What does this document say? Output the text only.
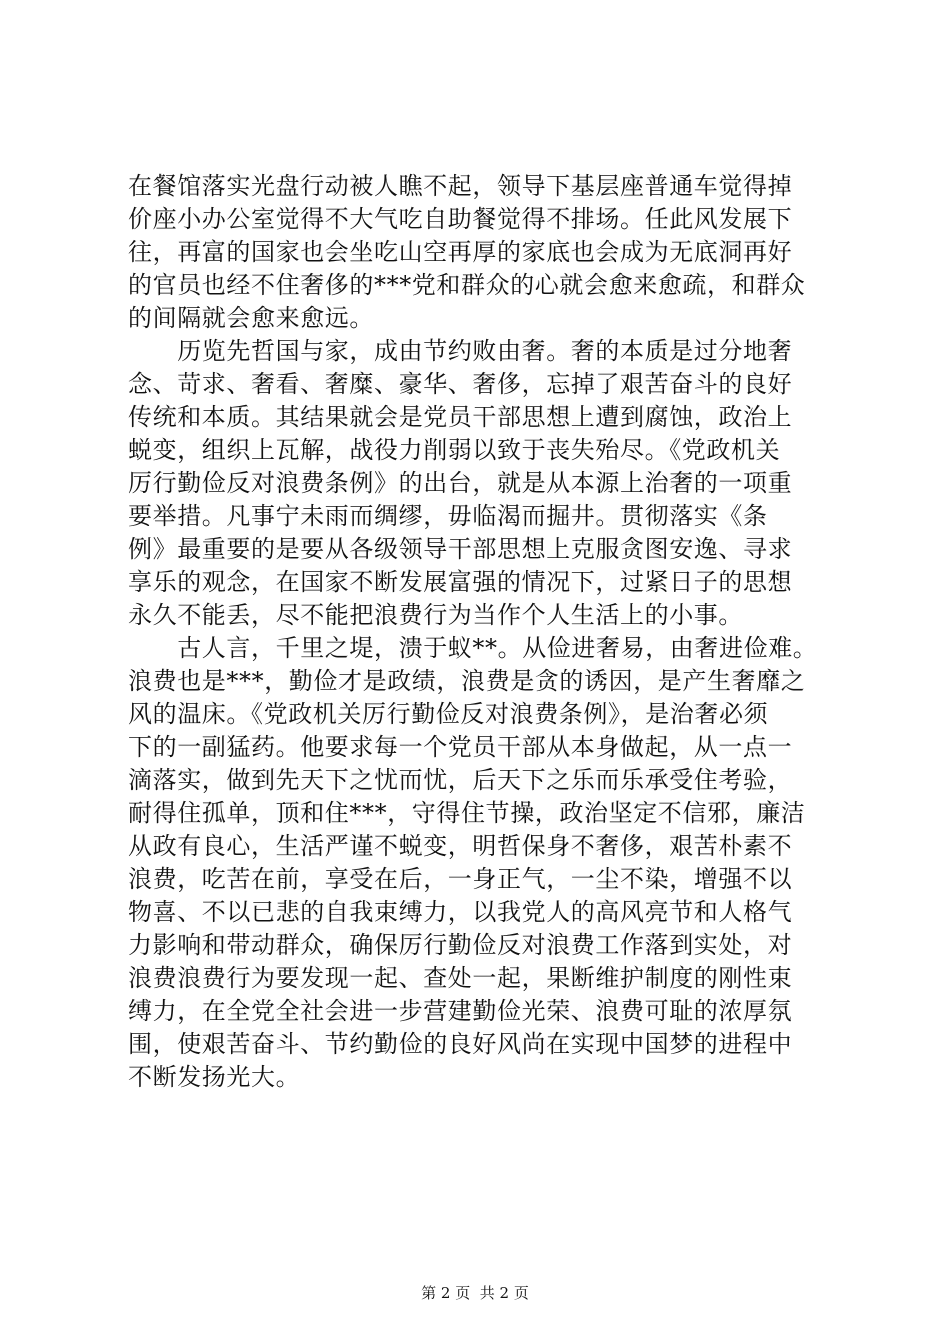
在餐馆落实光盘行动被人瞧不起，领导下基层座普通车觉得掉
价座小办公室觉得不大气吃自助餐觉得不排场。任此风发展下
往，再富的国家也会坐吃山空再厚的家底也会成为无底洞再好
的官员也经不住奢侈的***党和群众的心就会愈来愈疏，和群众
的间隔就会愈来愈远。
　　历览先哲国与家，成由节约败由奢。奢的本质是过分地奢
念、苛求、奢看、奢糜、豪华、奢侈，忘掉了艰苦奋斗的良好
传统和本质。其结果就会是党员干部思想上遭到腐蚀，政治上
蜕变，组织上瓦解，战役力削弱以致于丧失殆尽。《党政机关
厉行勤俭反对浪费条例》的出台，就是从本源上治奢的一项重
要举措。凡事宁未雨而绸缪，毋临渴而掘井。贯彻落实《条
例》最重要的是要从各级领导干部思想上克服贪图安逸、寻求
享乐的观念，在国家不断发展富强的情况下，过紧日子的思想
永久不能丢，尽不能把浪费行为当作个人生活上的小事。
　　古人言，千里之堤，溃于蚁**。从俭进奢易，由奢进俭难。
浪费也是***，勤俭才是政绩，浪费是贪的诱因，是产生奢靡之
风的温床。《党政机关厉行勤俭反对浪费条例》，是治奢必须
下的一副猛药。他要求每一个党员干部从本身做起，从一点一
滴落实，做到先天下之忧而忧，后天下之乐而乐承受住考验，
耐得住孤单，顶和住***，守得住节操，政治坚定不信邪，廉洁
从政有良心，生活严谨不蜕变，明哲保身不奢侈，艰苦朴素不
浪费，吃苦在前，享受在后，一身正气，一尘不染，增强不以
物喜、不以已悲的自我束缚力，以我党人的高风亮节和人格气
力影响和带动群众，确保厉行勤俭反对浪费工作落到实处，对
浪费浪费行为要发现一起、查处一起，果断维护制度的刚性束
缚力，在全党全社会进一步营建勤俭光荣、浪费可耻的浓厚氛
围，使艰苦奋斗、节约勤俭的良好风尚在实现中国梦的进程中
不断发扬光大。
第 2 页  共 2 页
